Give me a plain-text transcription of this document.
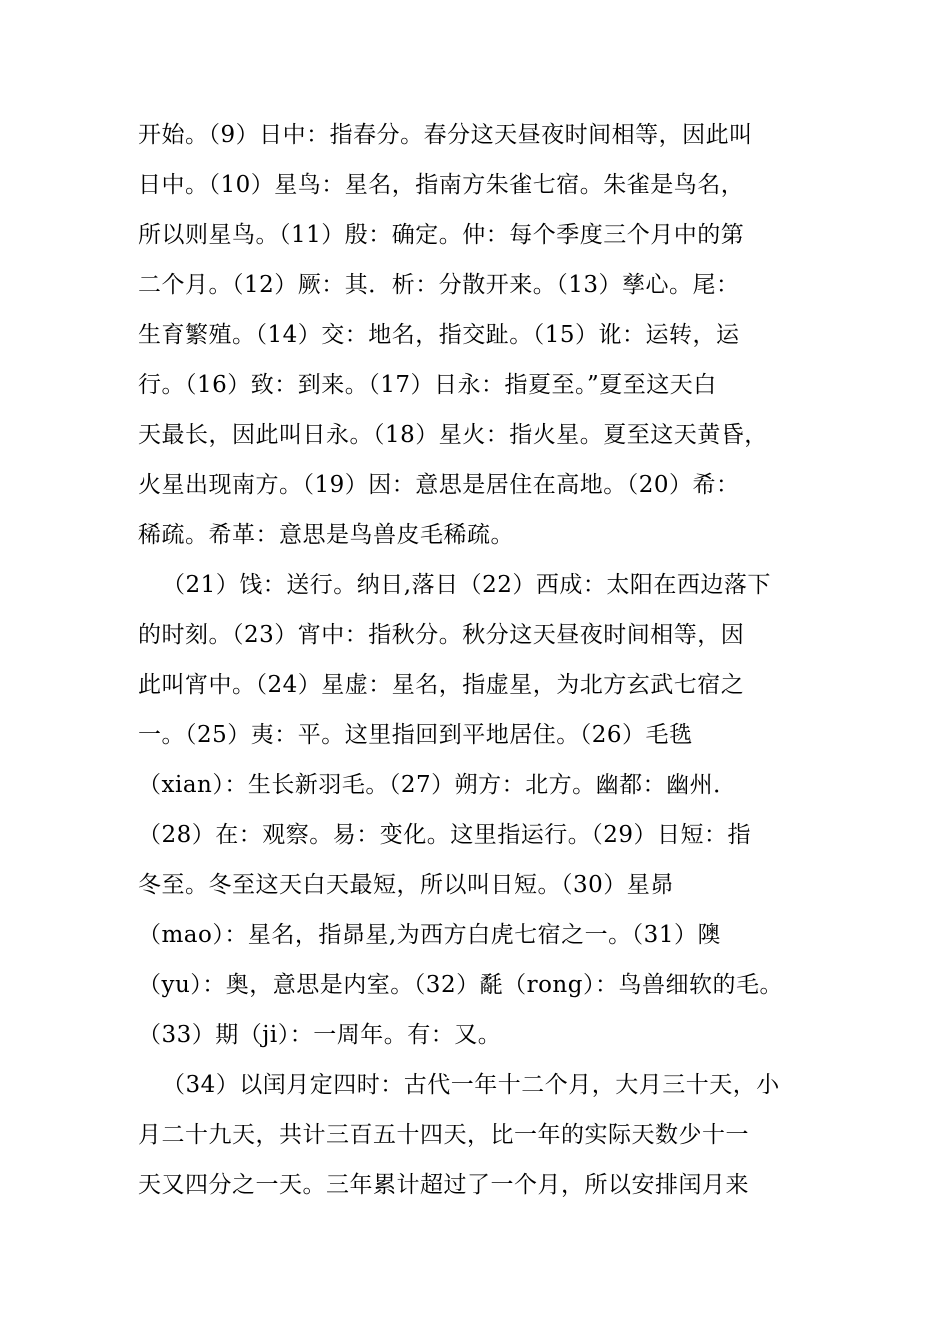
开始。（9）日中：指春分。春分这天昼夜时间相等，因此叫
日中。（10）星鸟：星名，指南方朱雀七宿。朱雀是鸟名，
所以则星鸟。（11）殷：确定。仲：每个季度三个月中的第
二个月。（12）厥：其．析：分散开来。（13）孳心。尾：
生育繁殖。（14）交：地名，指交趾。（15）讹：运转，运
行。（16）致：到来。（17）日永：指夏至。”夏至这天白
天最长，因此叫日永。（18）星火：指火星。夏至这天黄昏，
火星出现南方。（19）因：意思是居住在高地。（20）希：
稀疏。希革：意思是鸟兽皮毛稀疏。
（21）饯：送行。纳日,落日（22）西成：太阳在西边落下
的时刻。（23）宵中：指秋分。秋分这天昼夜时间相等，因
此叫宵中。（24）星虚：星名，指虚星，为北方玄武七宿之
一。（25）夷：平。这里指回到平地居住。（26）毛毨
（xian）：生长新羽毛。（27）朔方：北方。幽都：幽州．
（28）在：观察。易：变化。这里指运行。（29）日短：指
冬至。冬至这天白天最短，所以叫日短。（30）星昴
（mao）：星名，指昴星,为西方白虎七宿之一。（31）隩
（yu）：奥，意思是内室。（32）氄（rong）：鸟兽细软的毛。
（33）期（ji）：一周年。有：又。
（34）以闰月定四时：古代一年十二个月，大月三十天，小
月二十九天，共计三百五十四天，比一年的实际天数少十一
天又四分之一天。三年累计超过了一个月，所以安排闰月来
